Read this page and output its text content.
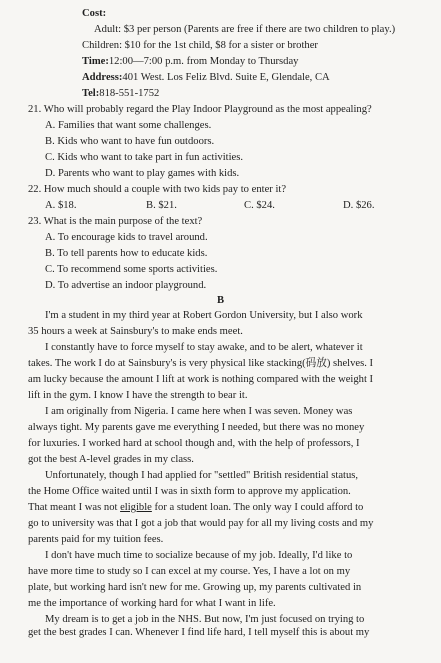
Cost:
Adult: $3 per person (Parents are free if there are two children to play.)
Children: $10 for the 1st child, $8 for a sister or brother
Time:12:00—7:00 p.m. from Monday to Thursday
Address:401 West. Los Feliz Blvd. Suite E, Glendale, CA
Tel:818-551-1752
21. Who will probably regard the Play Indoor Playground as the most appealing?
A. Families that want some challenges.
B. Kids who want to have fun outdoors.
C. Kids who want to take part in fun activities.
D. Parents who want to play games with kids.
22. How much should a couple with two kids pay to enter it?
A. $18.	B. $21.	C. $24.	D. $26.
23. What is the main purpose of the text?
A. To encourage kids to travel around.
B. To tell parents how to educate kids.
C. To recommend some sports activities.
D. To advertise an indoor playground.
B
I'm a student in my third year at Robert Gordon University, but I also work
35 hours a week at Sainsbury's to make ends meet.
I constantly have to force myself to stay awake, and to be alert, whatever it
takes. The work I do at Sainsbury's is very physical like stacking(码放) shelves. I
am lucky because the amount I lift at work is nothing compared with the weight I
lift in the gym. I know I have the strength to bear it.
I am originally from Nigeria. I came here when I was seven. Money was
always tight. My parents gave me everything I needed, but there was no money
for luxuries. I worked hard at school though and, with the help of professors, I
got the best A-level grades in my class.
Unfortunately, though I had applied for "settled" British residential status,
the Home Office waited until I was in sixth form to approve my application.
That meant I was not eligible for a student loan. The only way I could afford to
go to university was that I got a job that would pay for all my living costs and my
parents paid for my tuition fees.
I don't have much time to socialize because of my job. Ideally, I'd like to
have more time to study so I can excel at my course. Yes, I have a lot on my
plate, but working hard isn't new for me. Growing up, my parents cultivated in
me the importance of working hard for what I want in life.
My dream is to get a job in the NHS. But now, I'm just focused on trying to
get the best grades I can. Whenever I find life hard, I tell myself this is about my
